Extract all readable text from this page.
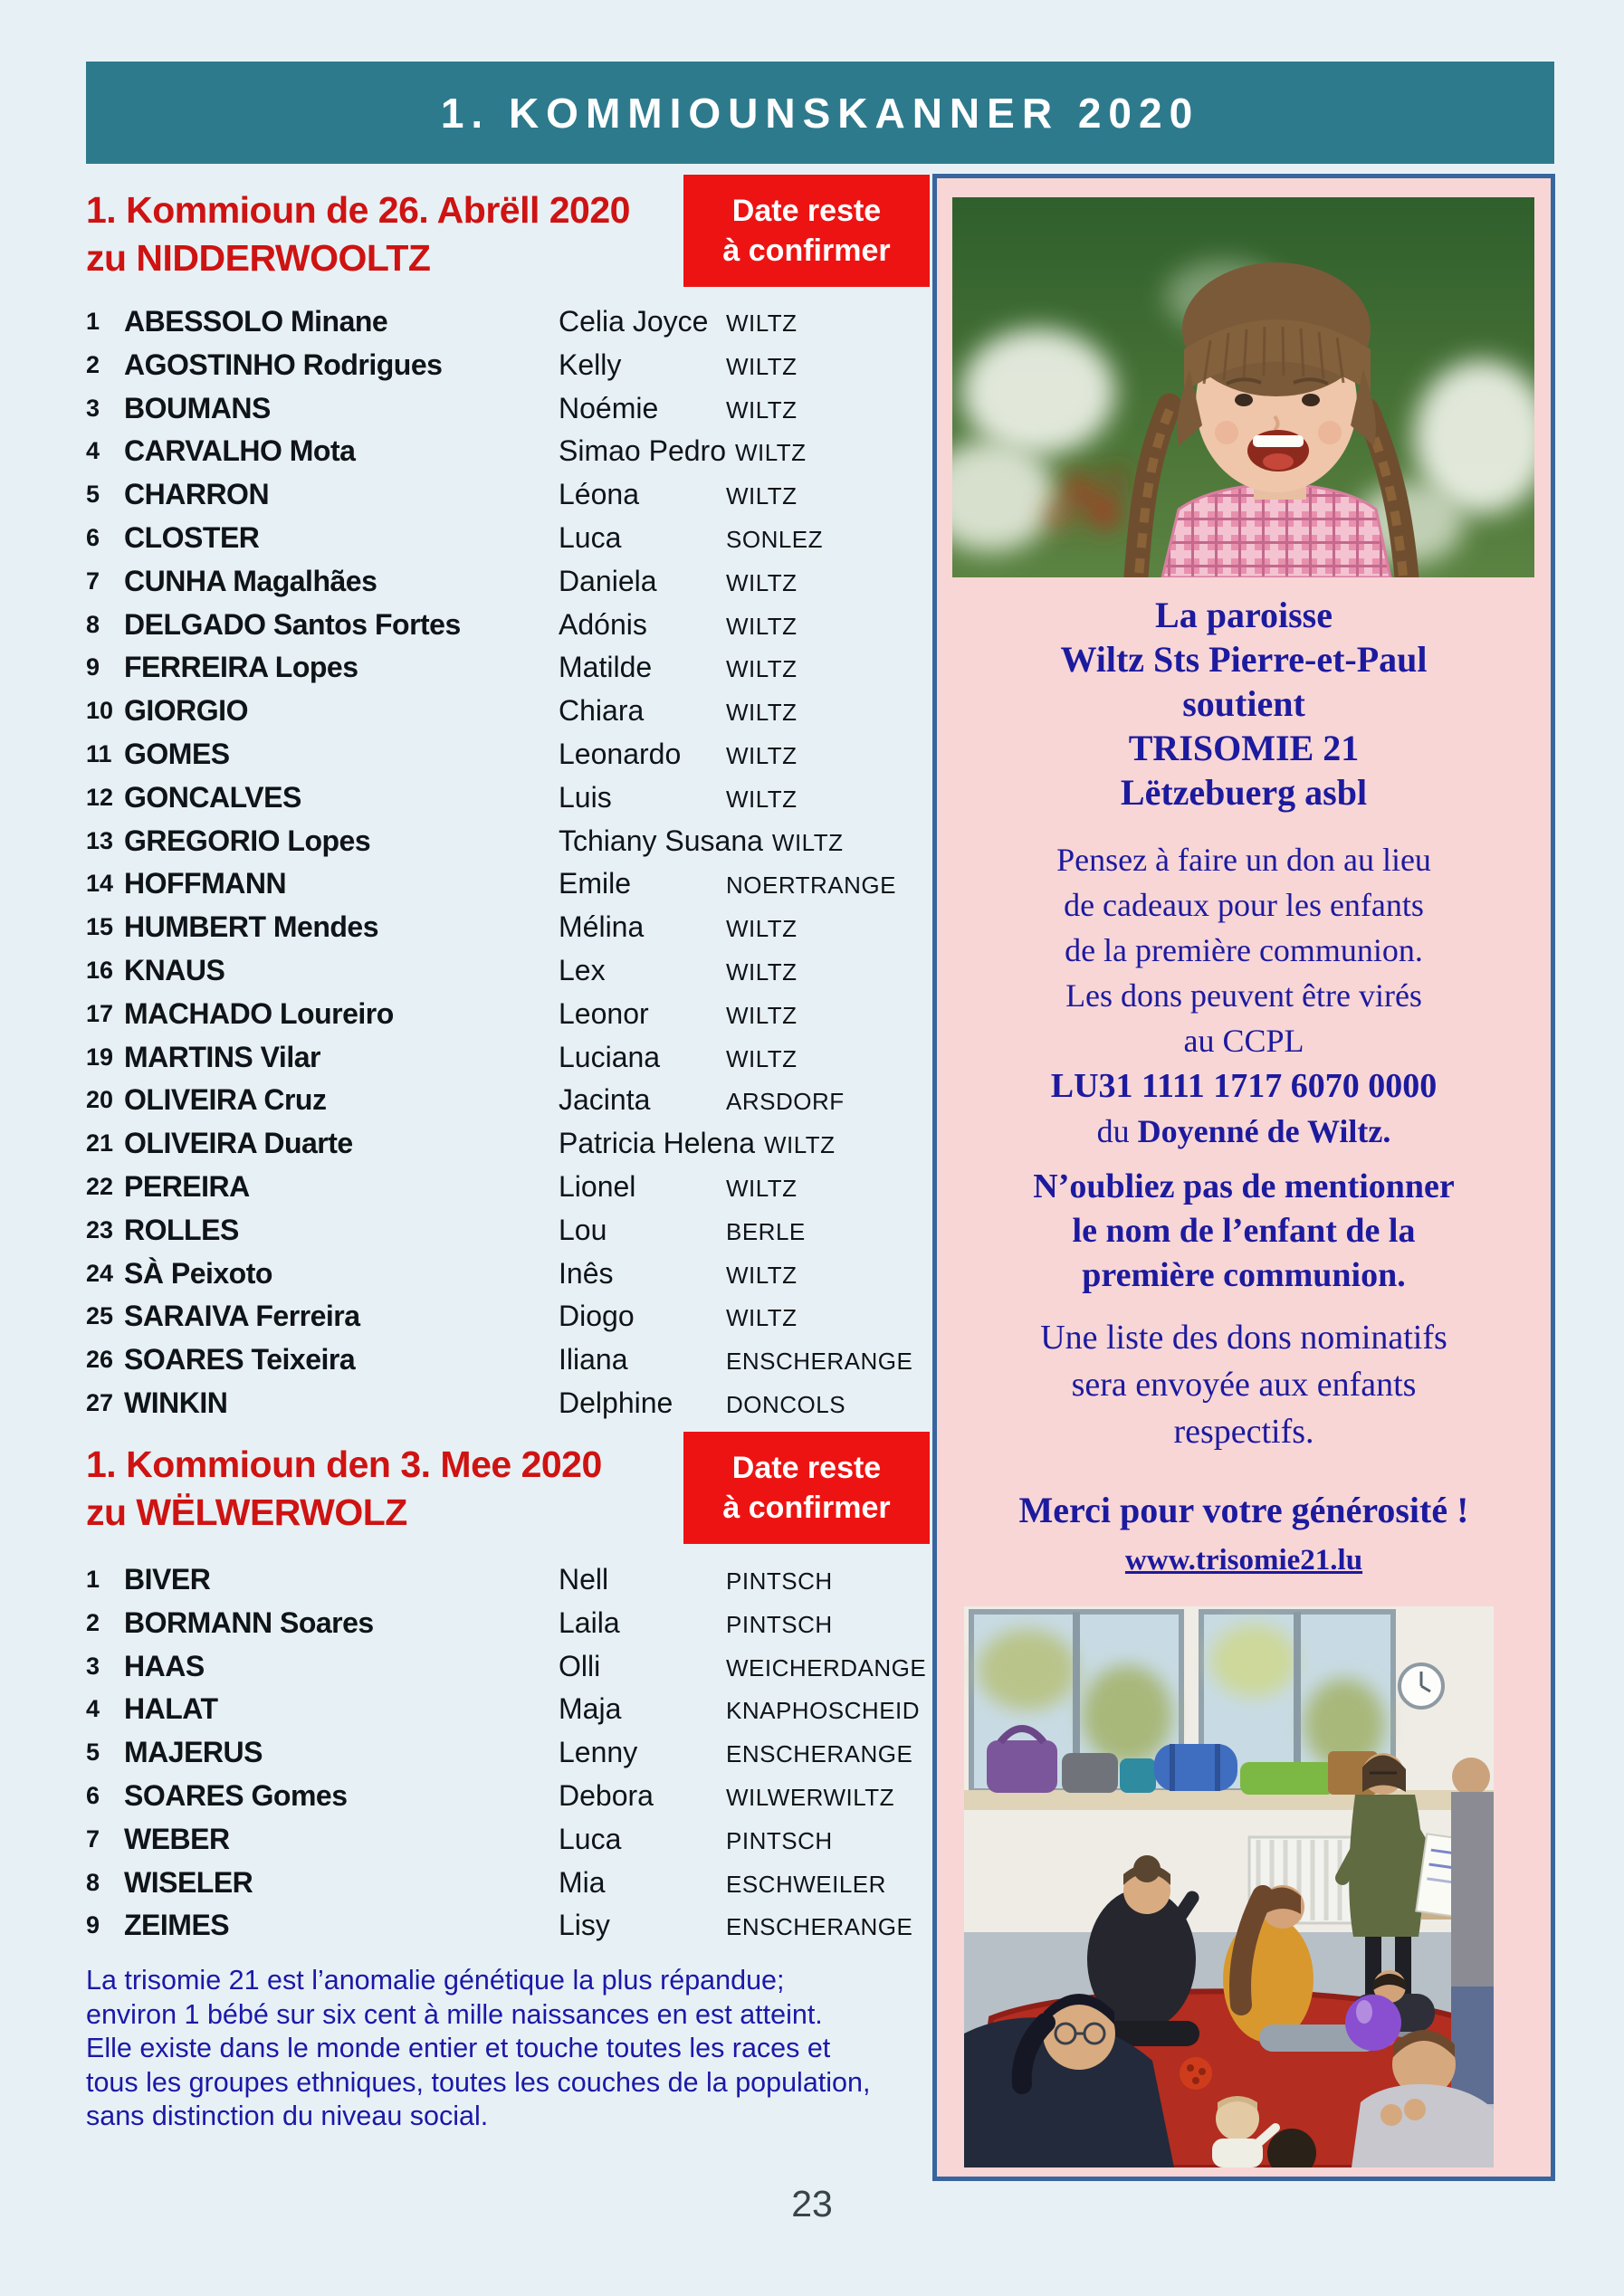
1. KOMMIOUNSKANNER 2020
1. Kommioun de 26. Abrëll 2020
zu NIDDERWOOLTZ
Date reste
à confirmer
1 ABESSOLO Minane	Celia Joyce WILTZ
2 AGOSTINHO Rodrigues	Kelly	WILTZ
3 BOUMANS	Noémie	WILTZ
4 CARVALHO Mota	Simao Pedro WILTZ
5 CHARRON	Léona	WILTZ
6 CLOSTER	Luca	SONLEZ
7 CUNHA Magalhães	Daniela	WILTZ
8 DELGADO Santos Fortes	Adónis	WILTZ
9 FERREIRA Lopes	Matilde	WILTZ
10 GIORGIO	Chiara	WILTZ
11 GOMES	Leonardo	WILTZ
12 GONCALVES	Luis	WILTZ
13 GREGORIO Lopes	Tchiany Susana WILTZ
14 HOFFMANN	Emile	NOERTRANGE
15 HUMBERT Mendes	Mélina	WILTZ
16 KNAUS	Lex	WILTZ
17 MACHADO Loureiro	Leonor	WILTZ
19 MARTINS Vilar	Luciana	WILTZ
20 OLIVEIRA Cruz	Jacinta	ARSDORF
21 OLIVEIRA Duarte	Patricia Helena WILTZ
22 PEREIRA	Lionel	WILTZ
23 ROLLES	Lou	BERLE
24 SÀ Peixoto	Inês	WILTZ
25 SARAIVA Ferreira	Diogo	WILTZ
26 SOARES Teixeira	Iliana	ENSCHERANGE
27 WINKIN	Delphine	DONCOLS
1. Kommioun den 3. Mee 2020
zu WËLWERWOLZ
Date reste
à confirmer
1 BIVER	Nell	PINTSCH
2 BORMANN Soares	Laila	PINTSCH
3 HAAS	Olli	WEICHERDANGE
4 HALAT	Maja	KNAPHOSCHEID
5 MAJERUS	Lenny	ENSCHERANGE
6 SOARES Gomes	Debora	WILWERWILTZ
7 WEBER	Luca	PINTSCH
8 WISELER	Mia	ESCHWEILER
9 ZEIMES	Lisy	ENSCHERANGE
La trisomie 21 est l’anomalie génétique la plus répandue;
environ 1 bébé sur six cent à mille naissances en est atteint.
Elle existe dans le monde entier et touche toutes les races et
tous les groupes ethniques, toutes les couches de la population,
sans distinction du niveau social.
23
La paroisse
Wiltz Sts Pierre-et-Paul
soutient
TRISOMIE 21
Lëtzebuerg asbl
Pensez à faire un don au lieu
de cadeaux pour les enfants
de la première communion.
Les dons peuvent être virés
au CCPL
LU31 1111 1717 6070 0000
du Doyenné de Wiltz.
N’oubliez pas de mentionner
le nom de l’enfant de la
première communion.
Une liste des dons nominatifs
sera envoyée aux enfants
respectifs.
Merci pour votre générosité !
www.trisomie21.lu
